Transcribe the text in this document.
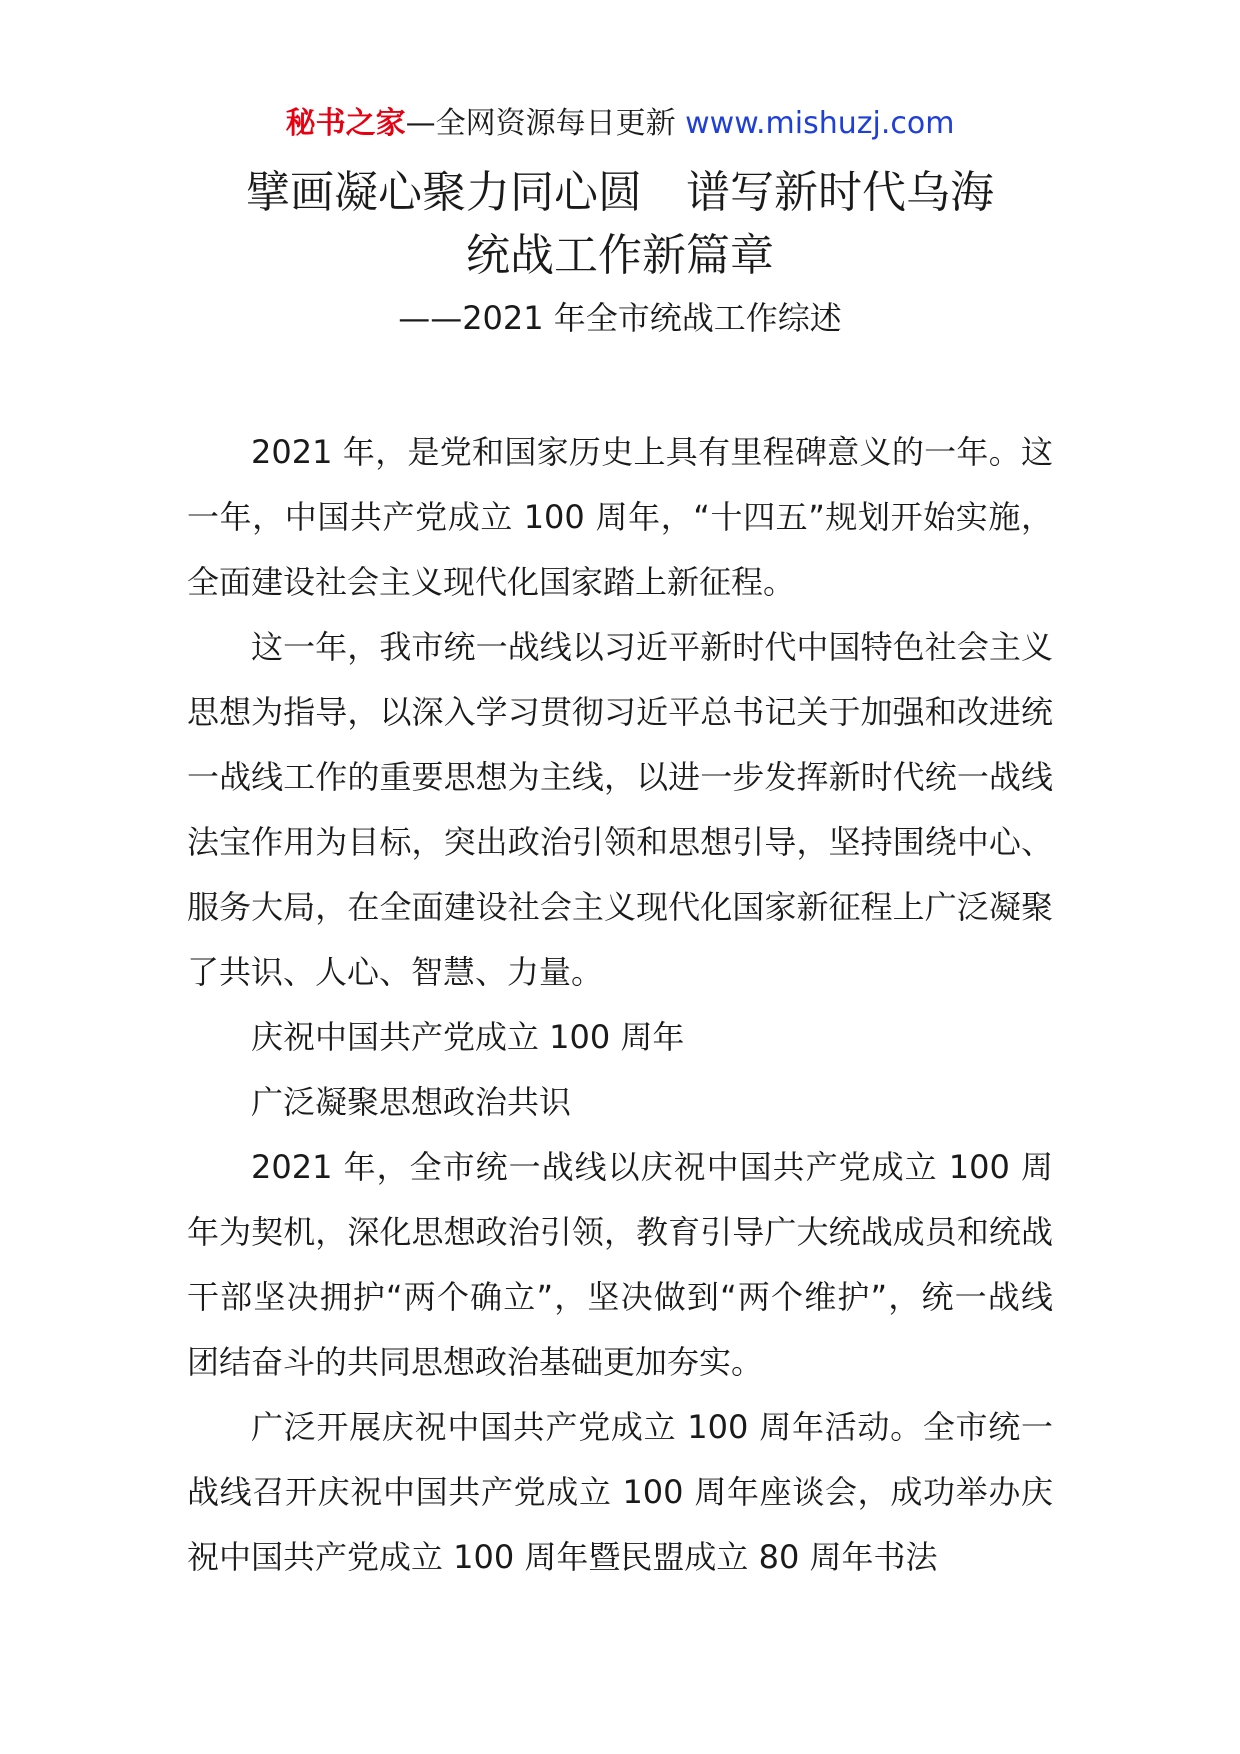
秘书之家—全网资源每日更新 www.mishuzj.com
擘画凝心聚力同心圆　谱写新时代乌海
统战工作新篇章
——2021 年全市统战工作综述

2021 年，是党和国家历史上具有里程碑意义的一年。这一年，中国共产党成立 100 周年，“十四五”规划开始实施，全面建设社会主义现代化国家踏上新征程。

这一年，我市统一战线以习近平新时代中国特色社会主义思想为指导，以深入学习贯彻习近平总书记关于加强和改进统一战线工作的重要思想为主线，以进一步发挥新时代统一战线法宝作用为目标，突出政治引领和思想引导，坚持围绕中心、服务大局，在全面建设社会主义现代化国家新征程上广泛凝聚了共识、人心、智慧、力量。

庆祝中国共产党成立 100 周年

广泛凝聚思想政治共识

2021 年，全市统一战线以庆祝中国共产党成立 100 周年为契机，深化思想政治引领，教育引导广大统战成员和统战干部坚决拥护“两个确立”，坚决做到“两个维护”，统一战线团结奋斗的共同思想政治基础更加夯实。

广泛开展庆祝中国共产党成立 100 周年活动。全市统一战线召开庆祝中国共产党成立 100 周年座谈会，成功举办庆祝中国共产党成立 100 周年暨民盟成立 80 周年书法
